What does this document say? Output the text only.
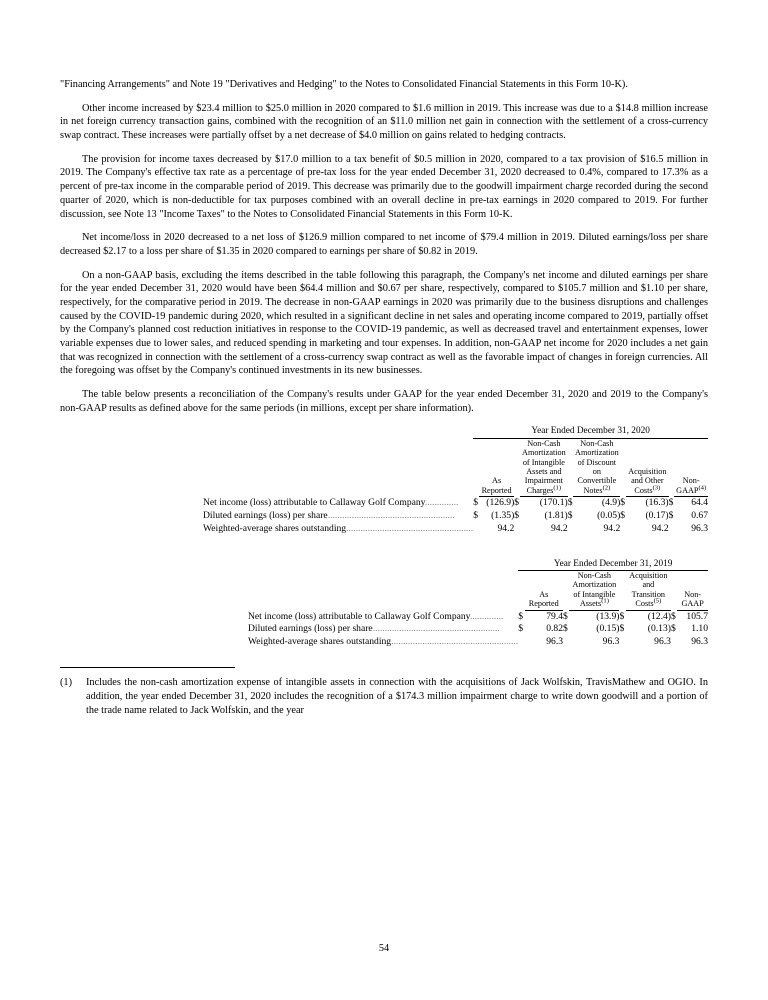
"Financing Arrangements" and Note 19 "Derivatives and Hedging" to the Notes to Consolidated Financial Statements in this Form 10-K).

Other income increased by $23.4 million to $25.0 million in 2020 compared to $1.6 million in 2019. This increase was due to a $14.8 million increase in net foreign currency transaction gains, combined with the recognition of an $11.0 million net gain in connection with the settlement of a cross-currency swap contract. These increases were partially offset by a net decrease of $4.0 million on gains related to hedging contracts.

The provision for income taxes decreased by $17.0 million to a tax benefit of $0.5 million in 2020, compared to a tax provision of $16.5 million in 2019. The Company's effective tax rate as a percentage of pre-tax loss for the year ended December 31, 2020 decreased to 0.4%, compared to 17.3% as a percent of pre-tax income in the comparable period of 2019. This decrease was primarily due to the goodwill impairment charge recorded during the second quarter of 2020, which is non-deductible for tax purposes combined with an overall decline in pre-tax earnings in 2020 compared to 2019. For further discussion, see Note 13 "Income Taxes" to the Notes to Consolidated Financial Statements in this Form 10-K.

Net income/loss in 2020 decreased to a net loss of $126.9 million compared to net income of $79.4 million in 2019. Diluted earnings/loss per share decreased $2.17 to a loss per share of $1.35 in 2020 compared to earnings per share of $0.82 in 2019.

On a non-GAAP basis, excluding the items described in the table following this paragraph, the Company's net income and diluted earnings per share for the year ended December 31, 2020 would have been $64.4 million and $0.67 per share, respectively, compared to $105.7 million and $1.10 per share, respectively, for the comparative period in 2019. The decrease in non-GAAP earnings in 2020 was primarily due to the business disruptions and challenges caused by the COVID-19 pandemic during 2020, which resulted in a significant decline in net sales and operating income compared to 2019, partially offset by the Company's planned cost reduction initiatives in response to the COVID-19 pandemic, as well as decreased travel and entertainment expenses, lower variable expenses due to lower sales, and reduced spending in marketing and tour expenses. In addition, non-GAAP net income for 2020 includes a net gain that was recognized in connection with the settlement of a cross-currency swap contract as well as the favorable impact of changes in foreign currencies. All the foregoing was offset by the Company's continued investments in its new businesses.

The table below presents a reconciliation of the Company's results under GAAP for the year ended December 31, 2020 and 2019 to the Company's non-GAAP results as defined above for the same periods (in millions, except per share information).

	Year Ended December 31, 2020									

As
Reported

Non-Cash
Amortization
of Intangible
Assets and
Impairment
Charges$^{(1)}$

Non-Cash
Amortization
of Discount
on
Convertible
Notes$^{(2)}$

Acquisition
and Other
Costs$^{(3)}$

Non-
GAAP$^{(4)}$

Net income (loss) attributable to Callaway Golf Company..............	$	(126.9)	$	(170.1)	$	(4.9)	$	(16.3)	$	64.4
Diluted earnings (loss) per share.....................................................	$	(1.35)	$	(1.81)	$	(0.05)	$	(0.17)	$	0.67
Weighted-average shares outstanding.....................................................		94.2		94.2		94.2		94.2		96.3
	Year Ended December 31, 2019							

		As
Reported		Non-Cash
Amortization
of Intangible
Assets$^{(1)}$		Acquisition
and
Transition
Costs$^{(5)}$		Non-
GAAP

Net income (loss) attributable to Callaway Golf Company..............	$	79.4	$	(13.9)	$	(12.4)	$	105.7
Diluted earnings (loss) per share.....................................................	$	0.82	$	(0.15)	$	(0.13)	$	1.10
Weighted-average shares outstanding.....................................................		96.3		96.3		96.3		96.3
(1)	Includes the non-cash amortization expense of intangible assets in connection with the acquisitions of Jack Wolfskin, TravisMathew and OGIO. In addition, the year ended December 31, 2020 includes the recognition of a $174.3 million impairment charge to write down goodwill and a portion of the trade name related to Jack Wolfskin, and the year
54
